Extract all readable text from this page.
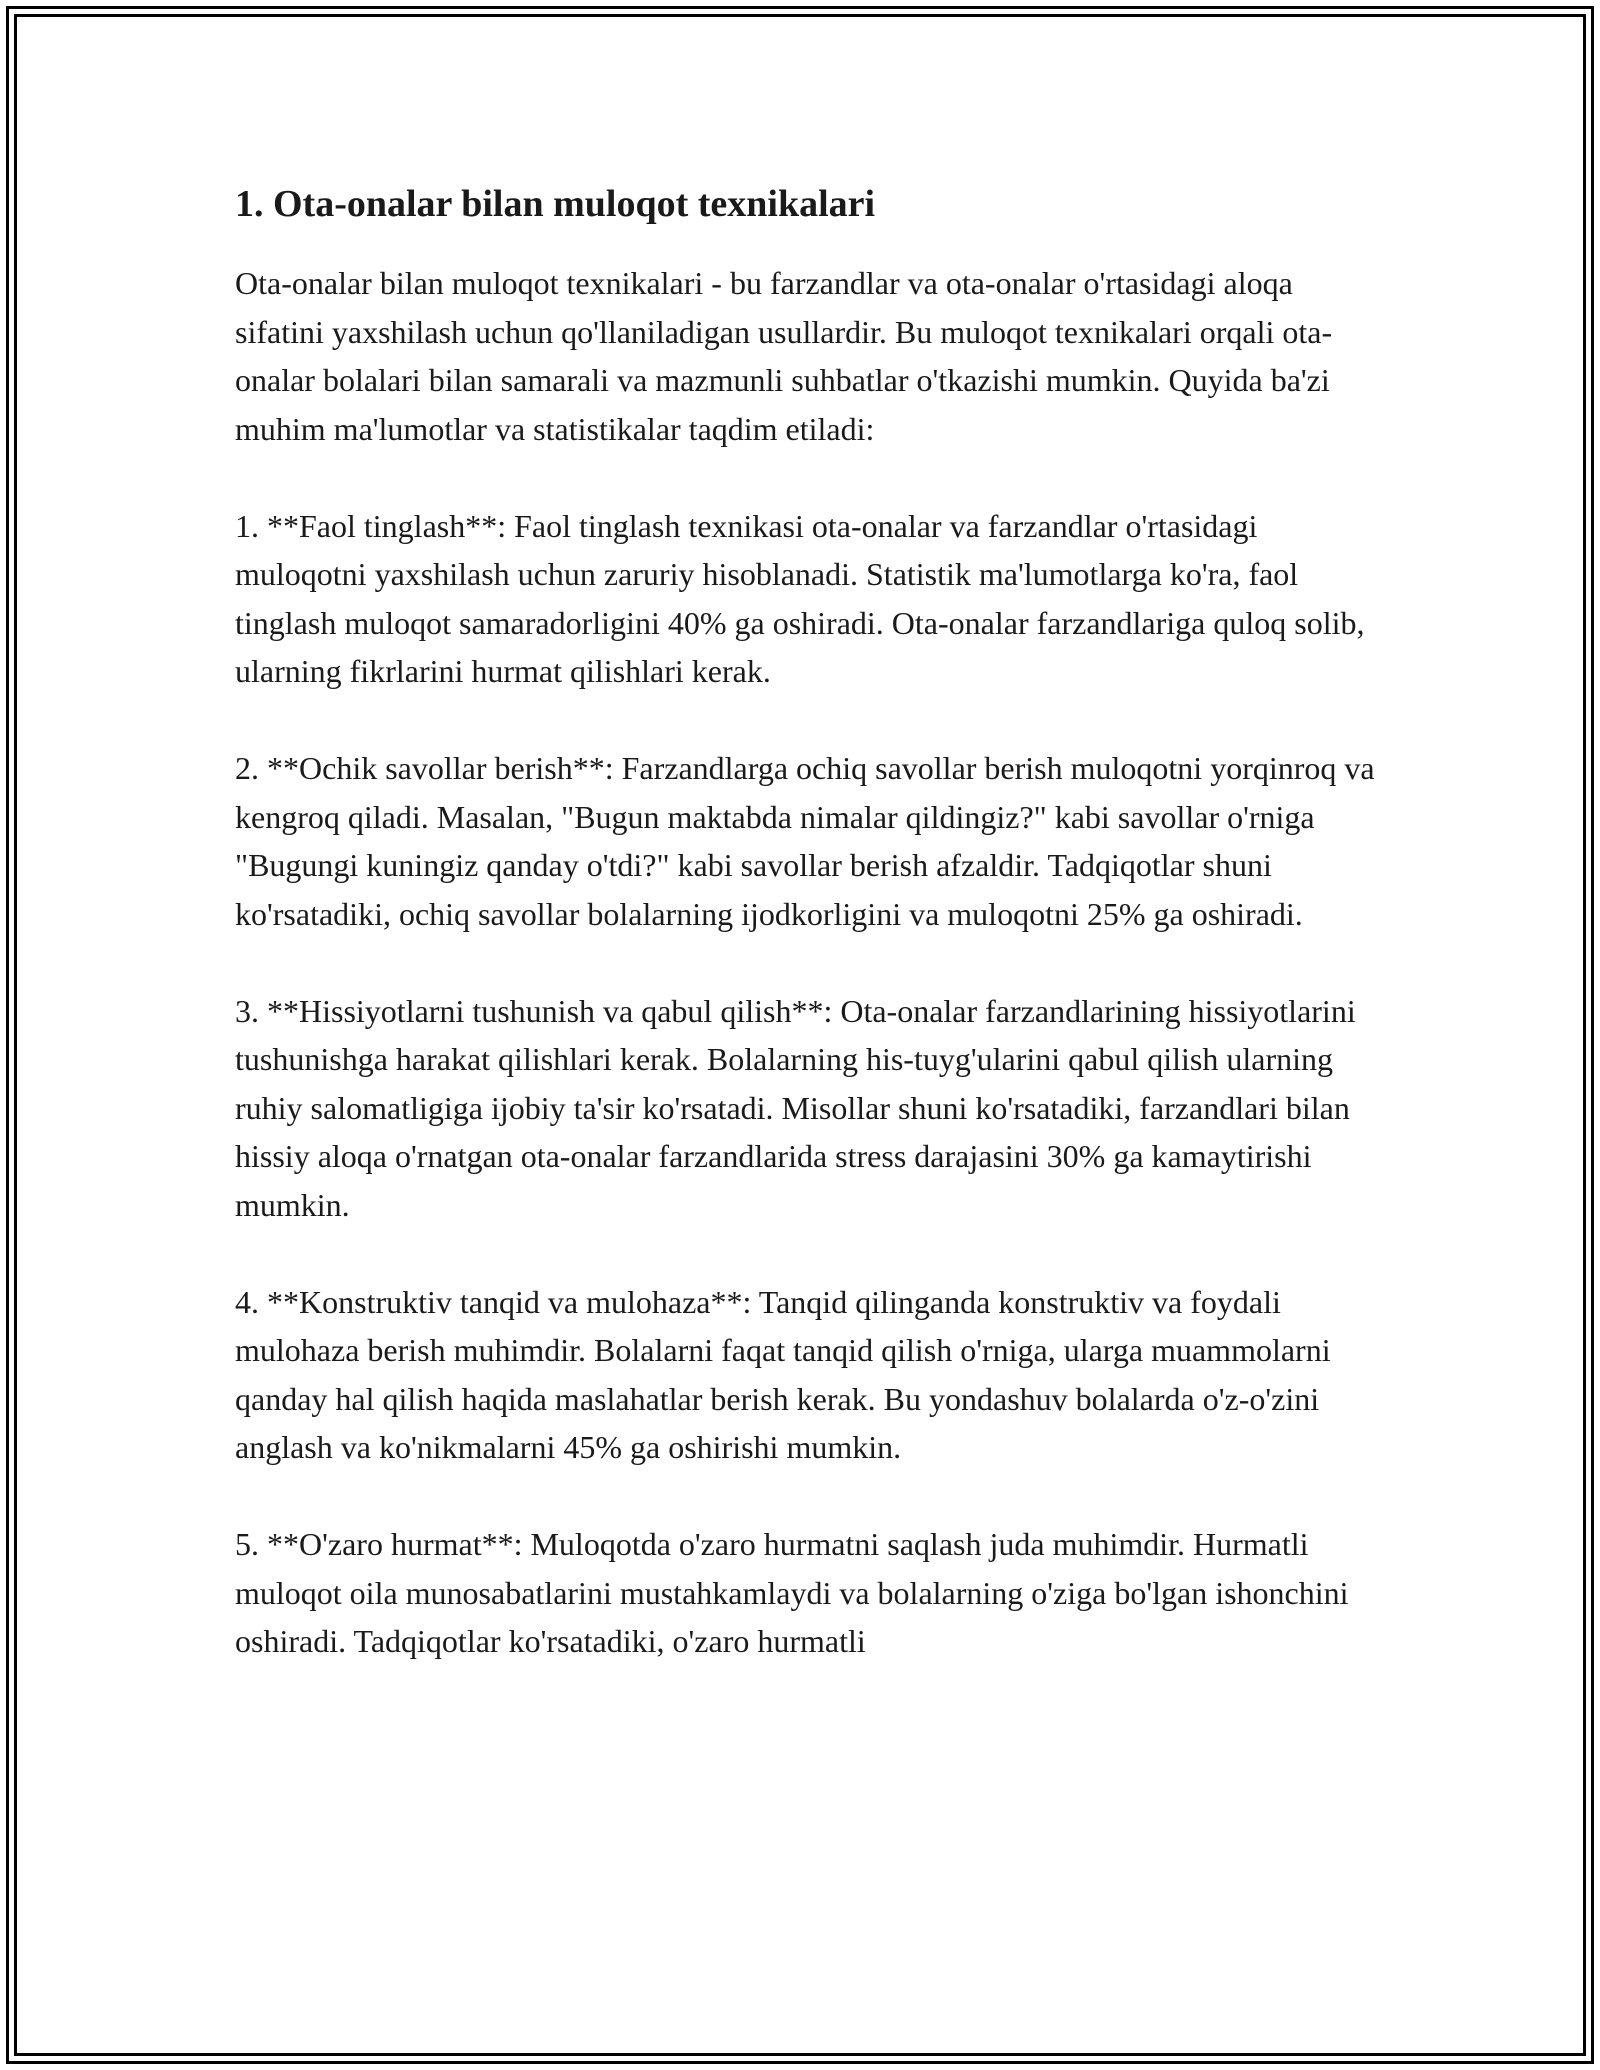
1. Ota-onalar bilan muloqot texnikalari

Ota-onalar bilan muloqot texnikalari - bu farzandlar va ota-onalar o'rtasidagi aloqa sifatini yaxshilash uchun qo'llaniladigan usullardir. Bu muloqot texnikalari orqali ota-onalar bolalari bilan samarali va mazmunli suhbatlar o'tkazishi mumkin. Quyida ba'zi muhim ma'lumotlar va statistikalar taqdim etiladi:

1. **Faol tinglash**: Faol tinglash texnikasi ota-onalar va farzandlar o'rtasidagi muloqotni yaxshilash uchun zaruriy hisoblanadi. Statistik ma'lumotlarga ko'ra, faol tinglash muloqot samaradorligini 40% ga oshiradi. Ota-onalar farzandlariga quloq solib, ularning fikrlarini hurmat qilishlari kerak.

2. **Ochik savollar berish**: Farzandlarga ochiq savollar berish muloqotni yorqinroq va kengroq qiladi. Masalan, "Bugun maktabda nimalar qildingiz?" kabi savollar o'rniga "Bugungi kuningiz qanday o'tdi?" kabi savollar berish afzaldir. Tadqiqotlar shuni ko'rsatadiki, ochiq savollar bolalarning ijodkorligini va muloqotni 25% ga oshiradi.

3. **Hissiyotlarni tushunish va qabul qilish**: Ota-onalar farzandlarining hissiyotlarini tushunishga harakat qilishlari kerak. Bolalarning his-tuyg'ularini qabul qilish ularning ruhiy salomatligiga ijobiy ta'sir ko'rsatadi. Misollar shuni ko'rsatadiki, farzandlari bilan hissiy aloqa o'rnatgan ota-onalar farzandlarida stress darajasini 30% ga kamaytirishi mumkin.

4. **Konstruktiv tanqid va mulohaza**: Tanqid qilinganda konstruktiv va foydali mulohaza berish muhimdir. Bolalarni faqat tanqid qilish o'rniga, ularga muammolarni qanday hal qilish haqida maslahatlar berish kerak. Bu yondashuv bolalarda o'z-o'zini anglash va ko'nikmalarni 45% ga oshirishi mumkin.

5. **O'zaro hurmat**: Muloqotda o'zaro hurmatni saqlash juda muhimdir. Hurmatli muloqot oila munosabatlarini mustahkamlaydi va bolalarning o'ziga bo'lgan ishonchini oshiradi. Tadqiqotlar ko'rsatadiki, o'zaro hurmatli
